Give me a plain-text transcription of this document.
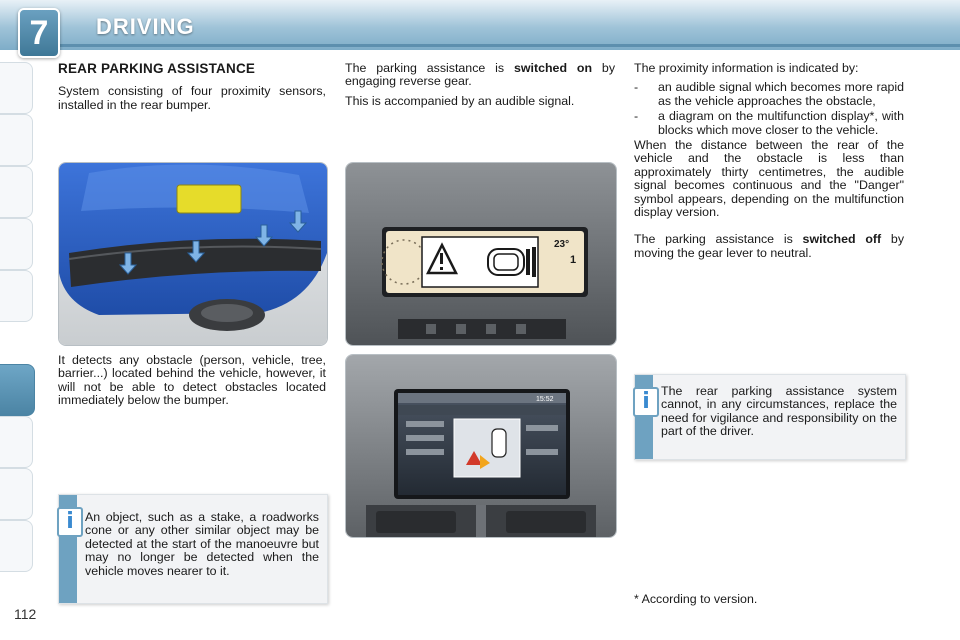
7 DRIVING
REAR PARKING ASSISTANCE

System consisting of four proximity sensors, installed in the rear bumper.

It detects any obstacle (person, vehicle, tree, barrier...) located behind the vehicle, however, it will not be able to detect obstacles located immediately below the bumper.

i An object, such as a stake, a roadworks cone or any other similar object may be detected at the start of the manoeuvre but may no longer be detected when the vehicle moves nearer to it.

The parking assistance is switched on by engaging reverse gear.

This is accompanied by an audible signal.

23°
1
15:52

The proximity information is indicated by:

- an audible signal which becomes more rapid as the vehicle approaches the obstacle,
- a diagram on the multifunction display*, with blocks which move closer to the vehicle.

When the distance between the rear of the vehicle and the obstacle is less than approximately thirty centimetres, the audible signal becomes continuous and the "Danger" symbol appears, depending on the multifunction display version.

The parking assistance is switched off by moving the gear lever to neutral.

i The rear parking assistance system cannot, in any circumstances, replace the need for vigilance and responsibility on the part of the driver.
* According to version.
112
